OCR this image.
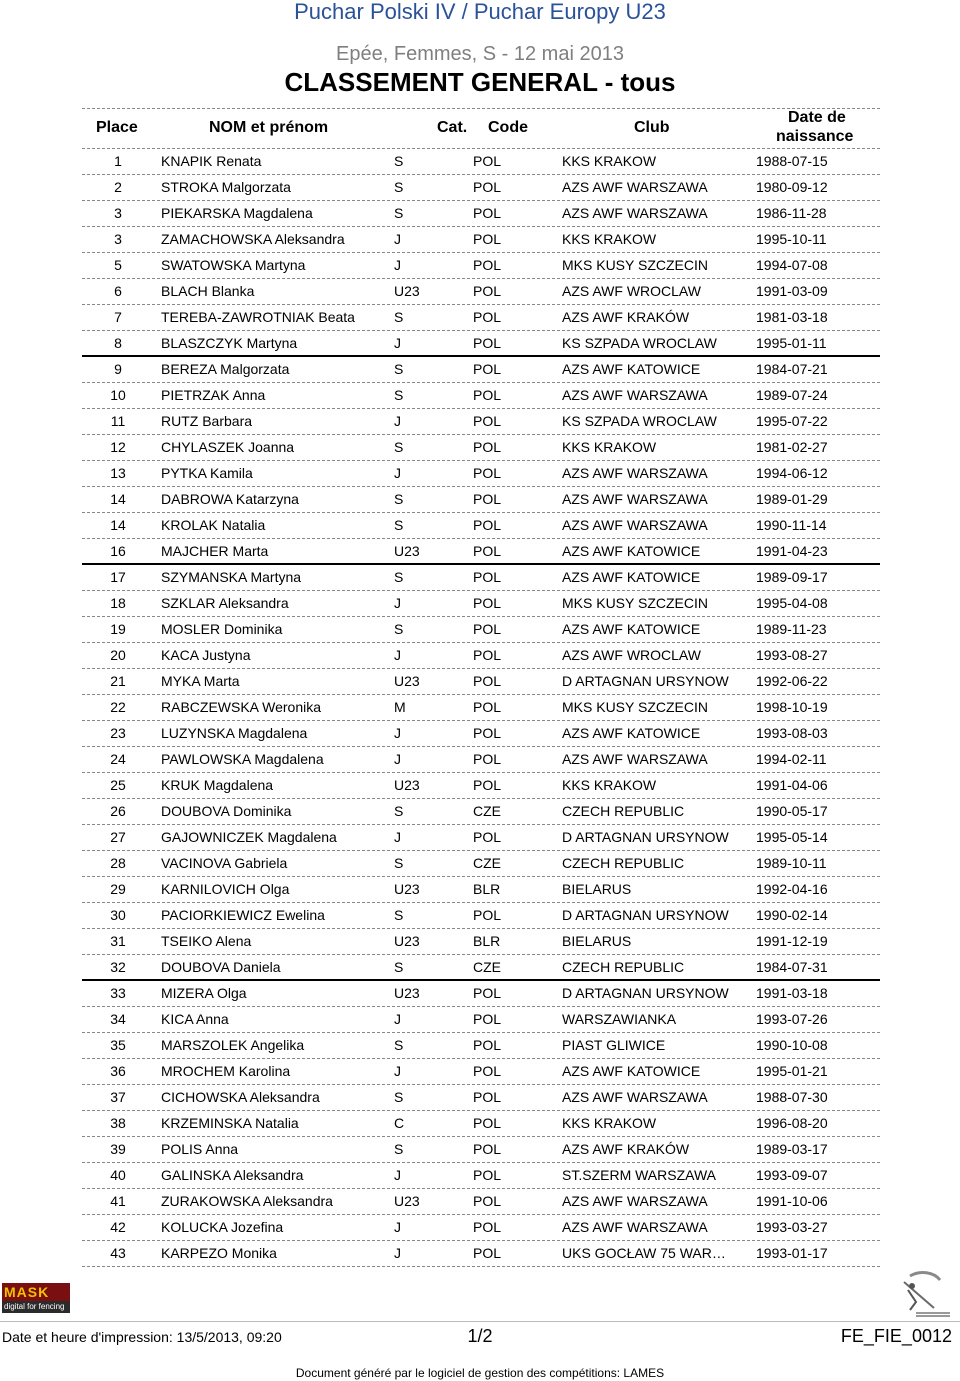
Puchar Polski IV / Puchar Europy U23
Epée, Femmes, S - 12 mai 2013
CLASSEMENT GENERAL - tous
Place	NOM et prénom	Cat. Code	Club
Date de
naissance
1	KNAPIK Renata	S	POL	KKS KRAKOW	1988-07-15
2	STROKA Malgorzata	S	POL	AZS AWF WARSZAWA	1980-09-12
3	PIEKARSKA Magdalena	S	POL	AZS AWF WARSZAWA	1986-11-28
3	ZAMACHOWSKA Aleksandra	J	POL	KKS KRAKOW	1995-10-11
5	SWATOWSKA Martyna	J	POL	MKS KUSY SZCZECIN	1994-07-08
6	BLACH Blanka	U23	POL	AZS AWF WROCLAW	1991-03-09
7	TEREBA-ZAWROTNIAK Beata	S	POL	AZS AWF KRAKÓW	1981-03-18
8	BLASZCZYK Martyna	J	POL	KS SZPADA WROCLAW	1995-01-11
9	BEREZA Malgorzata	S	POL	AZS AWF KATOWICE	1984-07-21
10	PIETRZAK Anna	S	POL	AZS AWF WARSZAWA	1989-07-24
11	RUTZ Barbara	J	POL	KS SZPADA WROCLAW	1995-07-22
12	CHYLASZEK Joanna	S	POL	KKS KRAKOW	1981-02-27
13	PYTKA Kamila	J	POL	AZS AWF WARSZAWA	1994-06-12
14	DABROWA Katarzyna	S	POL	AZS AWF WARSZAWA	1989-01-29
14	KROLAK Natalia	S	POL	AZS AWF WARSZAWA	1990-11-14
16	MAJCHER Marta	U23	POL	AZS AWF KATOWICE	1991-04-23
17	SZYMANSKA Martyna	S	POL	AZS AWF KATOWICE	1989-09-17
18	SZKLAR Aleksandra	J	POL	MKS KUSY SZCZECIN	1995-04-08
19	MOSLER Dominika	S	POL	AZS AWF KATOWICE	1989-11-23
20	KACA Justyna	J	POL	AZS AWF WROCLAW	1993-08-27
21	MYKA Marta	U23	POL	D ARTAGNAN URSYNOW 1992-06-22
22	RABCZEWSKA Weronika	M	POL	MKS KUSY SZCZECIN	1998-10-19
23	LUZYNSKA Magdalena	J	POL	AZS AWF KATOWICE	1993-08-03
24	PAWLOWSKA Magdalena	J	POL	AZS AWF WARSZAWA	1994-02-11
25	KRUK Magdalena	U23	POL	KKS KRAKOW	1991-04-06
26	DOUBOVA Dominika	S	CZE	CZECH REPUBLIC	1990-05-17
27	GAJOWNICZEK Magdalena	J	POL	D ARTAGNAN URSYNOW 1995-05-14
28	VACINOVA Gabriela	S	CZE	CZECH REPUBLIC	1989-10-11
29	KARNILOVICH Olga	U23	BLR	BIELARUS	1992-04-16
30	PACIORKIEWICZ Ewelina	S	POL	D ARTAGNAN URSYNOW 1990-02-14
31	TSEIKO Alena	U23	BLR	BIELARUS	1991-12-19
32	DOUBOVA Daniela	S	CZE	CZECH REPUBLIC	1984-07-31
33	MIZERA Olga	U23	POL	D ARTAGNAN URSYNOW 1991-03-18
34	KICA Anna	J	POL	WARSZAWIANKA	1993-07-26
35	MARSZOLEK Angelika	S	POL	PIAST GLIWICE	1990-10-08
36	MROCHEM Karolina	J	POL	AZS AWF KATOWICE	1995-01-21
37	CICHOWSKA Aleksandra	S	POL	AZS AWF WARSZAWA	1988-07-30
38	KRZEMINSKA Natalia	C	POL	KKS KRAKOW	1996-08-20
39	POLIS Anna	S	POL	AZS AWF KRAKÓW	1989-03-17
40	GALINSKA Aleksandra	J	POL	ST.SZERM WARSZAWA	1993-09-07
41	ZURAKOWSKA Aleksandra	U23	POL	AZS AWF WARSZAWA	1991-10-06
42	KOLUCKA Jozefina	J	POL	AZS AWF WARSZAWA	1993-03-27
43	KARPEZO Monika	J	POL	UKS GOCŁAW 75 WAR… 1993-01-17
MASK
digital for fencing
Date et heure d'impression: 13/5/2013, 09:20	1/2	FE_FIE_0012
Document généré par le logiciel de gestion des compétitions: LAMES
